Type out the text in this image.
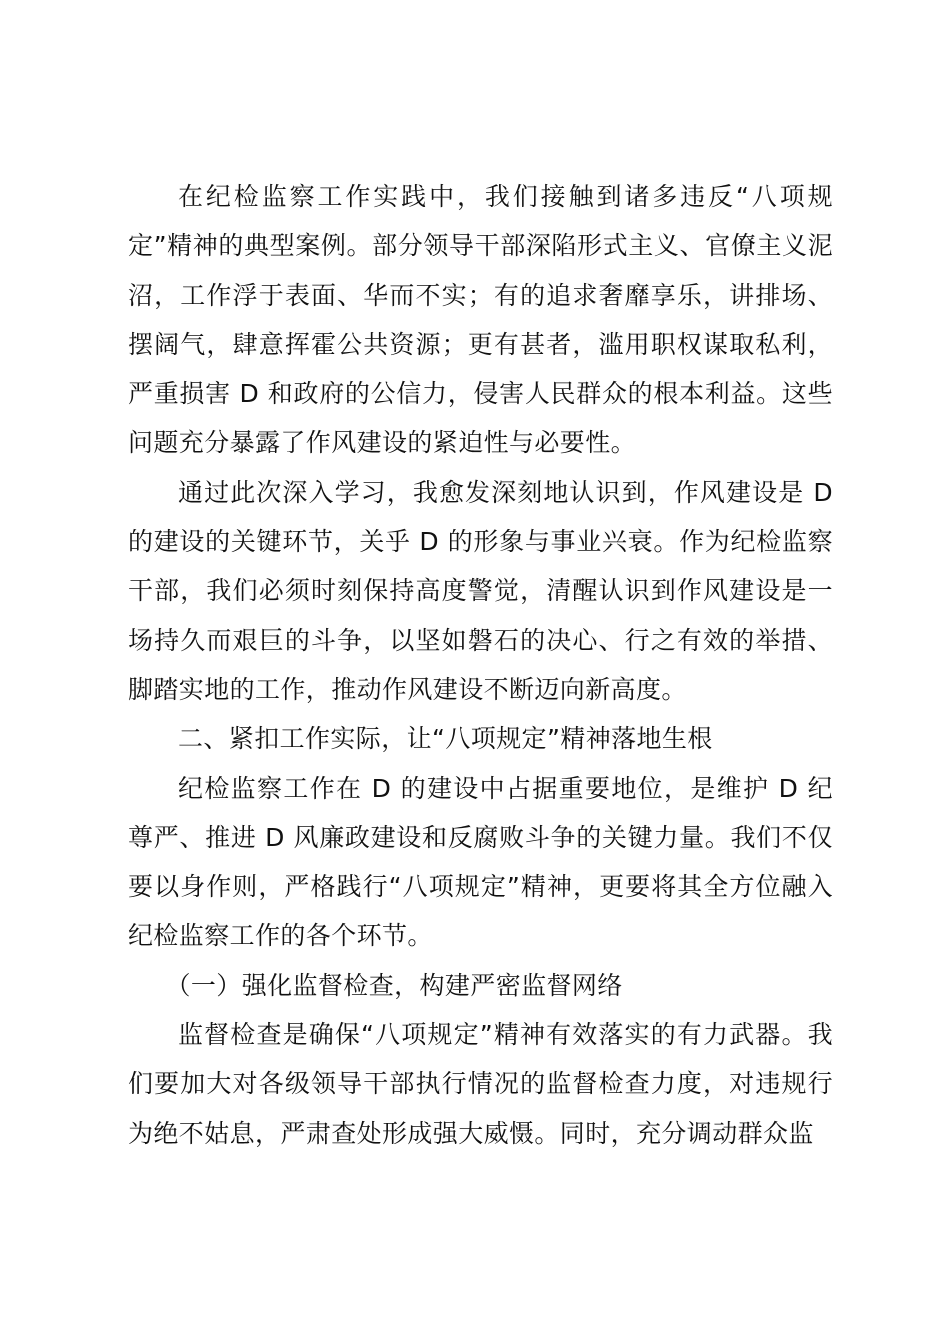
在纪检监察工作实践中，我们接触到诸多违反“八项规定”精神的典型案例。部分领导干部深陷形式主义、官僚主义泥沼，工作浮于表面、华而不实；有的追求奢靡享乐，讲排场、摆阔气，肆意挥霍公共资源；更有甚者，滥用职权谋取私利，严重损害 D 和政府的公信力，侵害人民群众的根本利益。这些问题充分暴露了作风建设的紧迫性与必要性。

通过此次深入学习，我愈发深刻地认识到，作风建设是 D 的建设的关键环节，关乎 D 的形象与事业兴衰。作为纪检监察干部，我们必须时刻保持高度警觉，清醒认识到作风建设是一场持久而艰巨的斗争，以坚如磐石的决心、行之有效的举措、脚踏实地的工作，推动作风建设不断迈向新高度。

二、紧扣工作实际，让“八项规定”精神落地生根

纪检监察工作在 D 的建设中占据重要地位，是维护 D 纪尊严、推进 D 风廉政建设和反腐败斗争的关键力量。我们不仅要以身作则，严格践行“八项规定”精神，更要将其全方位融入纪检监察工作的各个环节。

（一）强化监督检查，构建严密监督网络

监督检查是确保“八项规定”精神有效落实的有力武器。我们要加大对各级领导干部执行情况的监督检查力度，对违规行为绝不姑息，严肃查处形成强大威慑。同时，充分调动群众监
